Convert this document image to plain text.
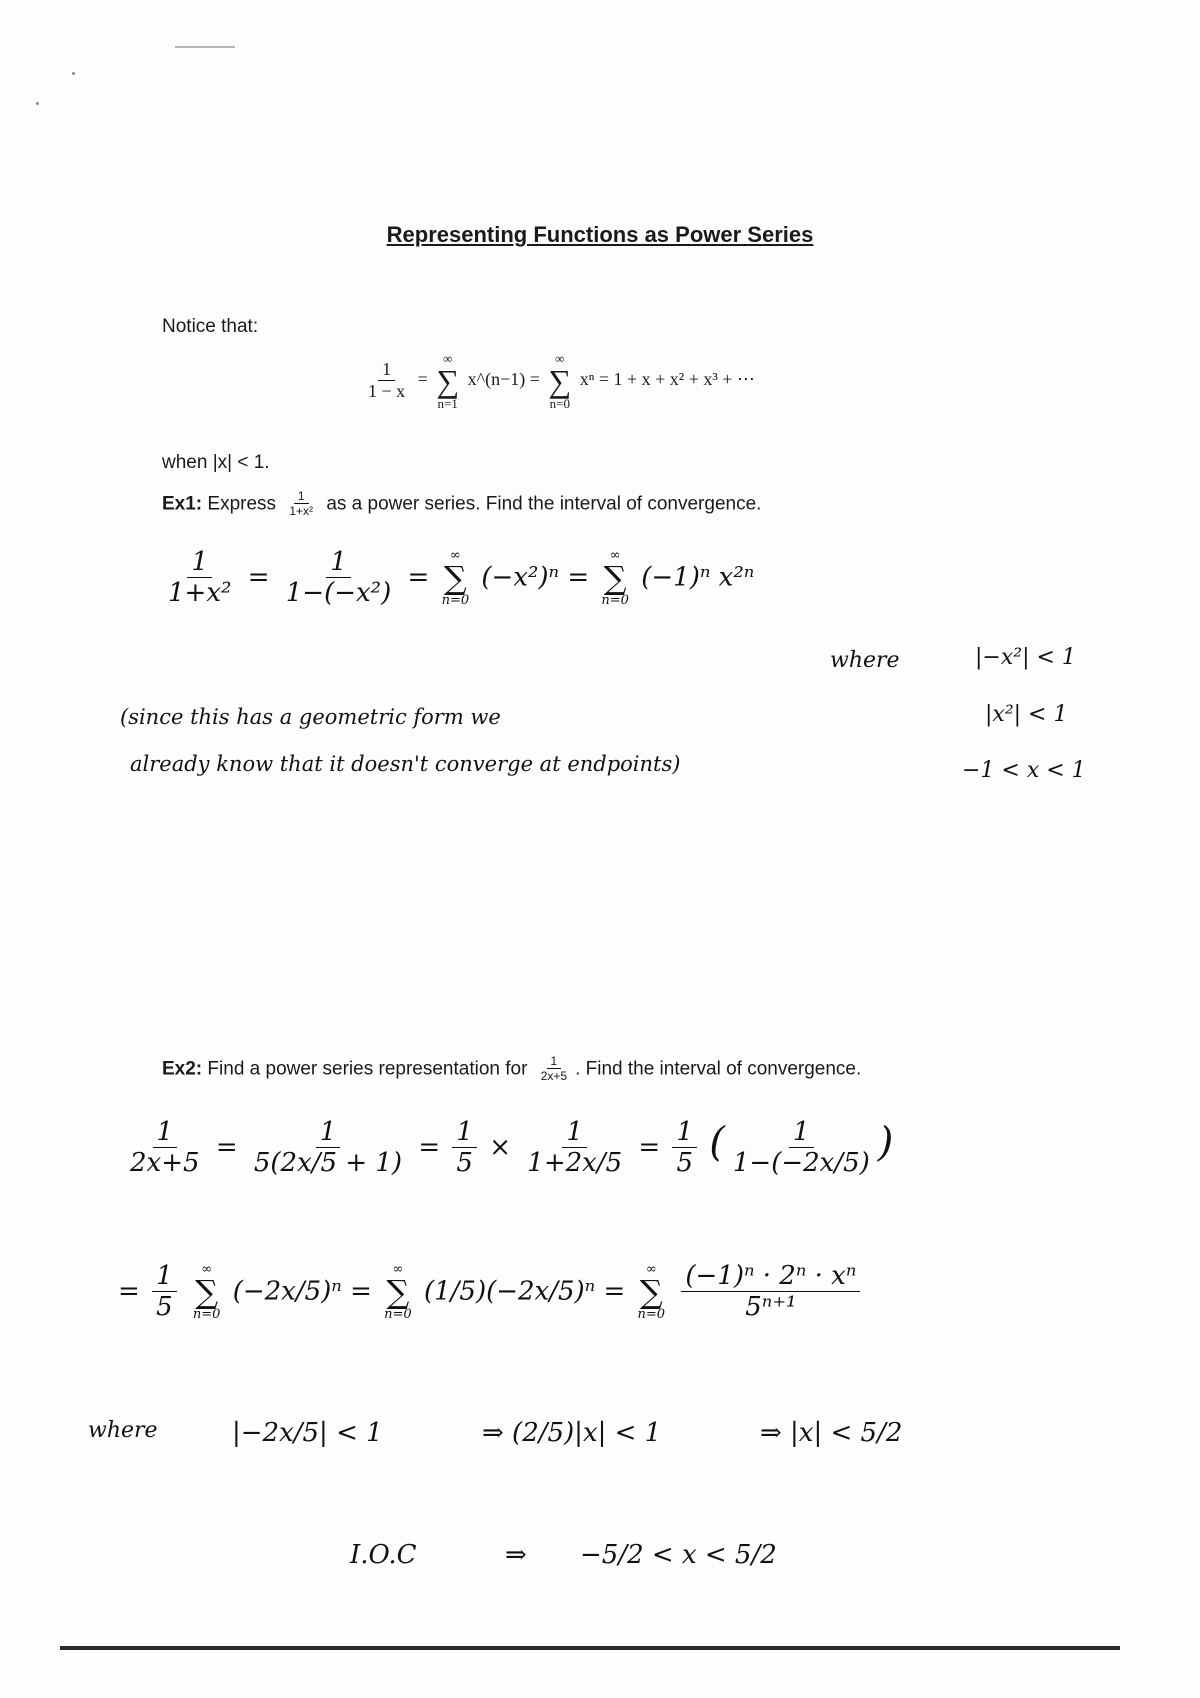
Representing Functions as Power Series
Notice that:
$\frac{1}{1 - x}$ =
∞
∑
n=1
x^(n−1) =
∞
∑
n=0
xⁿ = 1 + x + x² + x³ + ⋯
when |x| < 1.
Ex1: Express $\frac{1}{\text{1+x²}}$ as a power series. Find the interval of convergence.
$\frac{1}{\text{1+x²}} = \frac{1}{\text{1−(−x²)}}$ =
∞
∑
n=0
(−x²)ⁿ =
∞
∑
n=0
(−1)ⁿ x²ⁿ
where	|−x²| < 1
|x²| < 1
−1 < x < 1
(since this has a geometric form we
already know that it doesn't converge at endpoints)
Ex2: Find a power series representation for $\frac{1}{2x+5}$ . Find the interval of convergence.
$\frac{1}{2x+5} = \frac{1}{5(2x/5 + 1)} = \frac{1}{5} \times \frac{1}{1+2x/5} = \frac{1}{5}$ ( $\frac{1}{1-(-2x/5)}$ )
= $\frac{1}{5}$
∞
∑
n=0
(−2x/5)ⁿ =
∞
∑
n=0
(1/5)(−2x/5)ⁿ =
∞
∑
n=0
$\frac{\text{(−1)ⁿ · 2ⁿ · xⁿ}}{\text{5ⁿ⁺¹}}$
where	|−2x/5| < 1	⇒ (2/5)|x| < 1	⇒ |x| < 5/2
I.O.C	⇒ −5/2 < x < 5/2
